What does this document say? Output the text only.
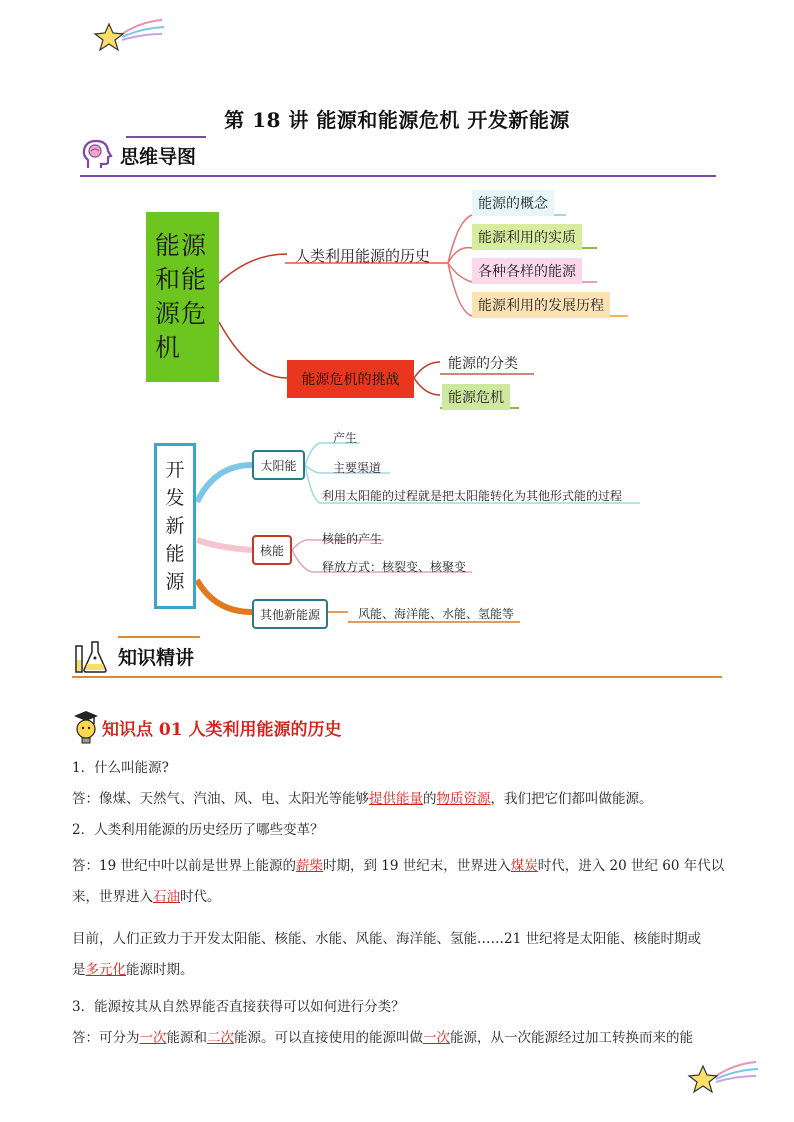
第 18 讲 能源和能源危机 开发新能源
思维导图
能源
和能
源危
机
人类利用能源的历史
能源的概念
能源利用的实质
各种各样的能源
能源利用的发展历程
能源危机的挑战
能源的分类
能源危机
开
发
新
能
源
太阳能
产生
主要渠道
利用太阳能的过程就是把太阳能转化为其他形式能的过程
核能
核能的产生
释放方式：核裂变、核聚变
其他新能源	风能、海洋能、水能、氢能等
知识精讲
知识点 01 人类利用能源的历史
1．什么叫能源?
答：像煤、天然气、汽油、风、电、太阳光等能够提供能量的物质资源，我们把它们都叫做能源。
2．人类利用能源的历史经历了哪些变革？
答：19 世纪中叶以前是世界上能源的薪柴时期，到 19 世纪末，世界进入煤炭时代，进入 20 世纪 60 年代以
来，世界进入石油时代。
目前，人们正致力于开发太阳能、核能、水能、风能、海洋能、氢能……21 世纪将是太阳能、核能时期或
是多元化能源时期。
3．能源按其从自然界能否直接获得可以如何进行分类？
答：可分为一次能源和二次能源。可以直接使用的能源叫做一次能源，从一次能源经过加工转换而来的能
